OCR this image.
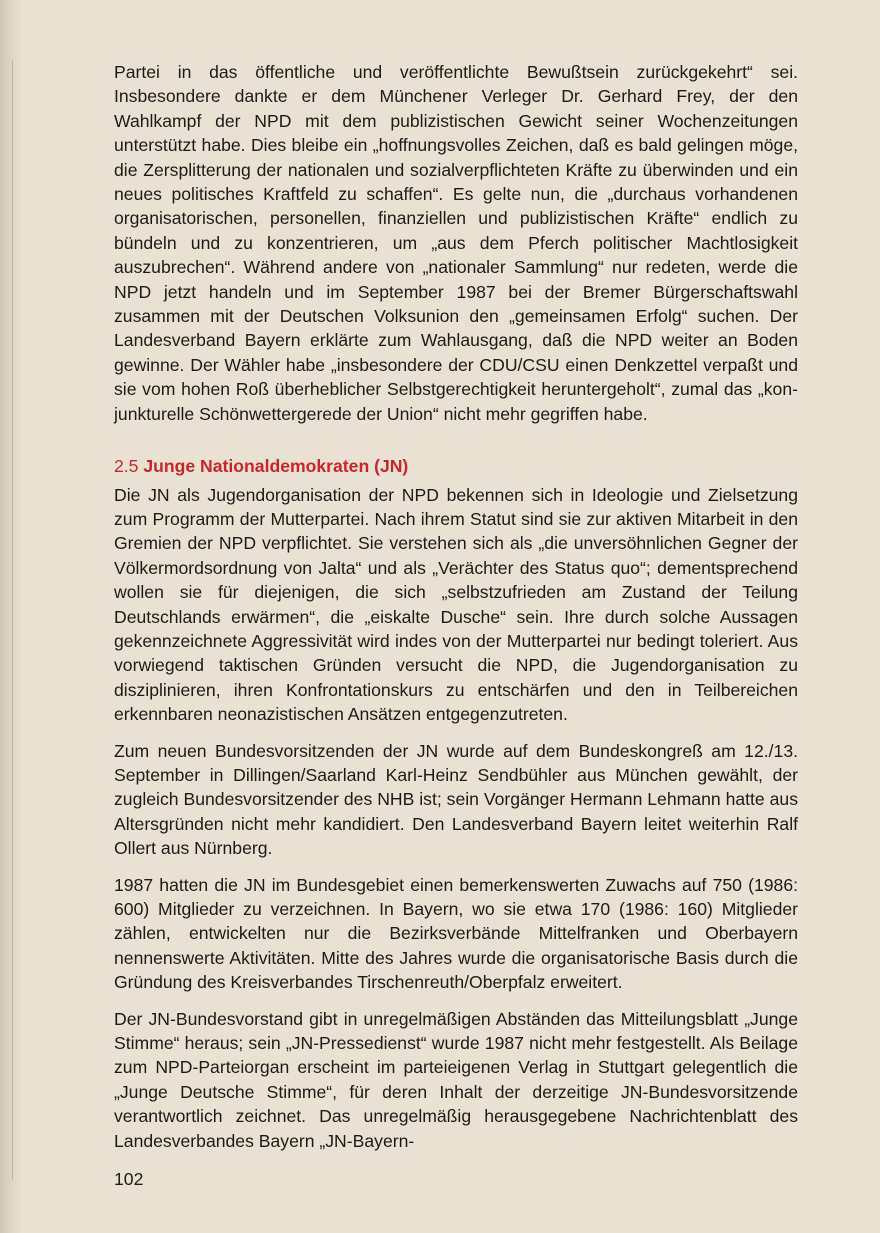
Partei in das öffentliche und veröffentlichte Bewußtsein zurückgekehrt“ sei. Insbesondere dankte er dem Münchener Verleger Dr. Gerhard Frey, der den Wahlkampf der NPD mit dem publizistischen Gewicht seiner Wochenzeitungen unterstützt habe. Dies bleibe ein „hoffnungsvolles Zeichen, daß es bald gelingen möge, die Zersplitterung der nationalen und sozialverpflichteten Kräfte zu überwinden und ein neues politisches Kraftfeld zu schaffen“. Es gelte nun, die „durchaus vorhandenen organisatorischen, personellen, finanziellen und publizistischen Kräfte“ endlich zu bündeln und zu konzentrieren, um „aus dem Pferch politischer Machtlosigkeit auszubrechen“. Während andere von „nationaler Sammlung“ nur redeten, werde die NPD jetzt handeln und im September 1987 bei der Bremer Bürgerschaftswahl zusammen mit der Deutschen Volksunion den „gemeinsamen Erfolg“ suchen. Der Landesverband Bayern erklärte zum Wahlausgang, daß die NPD weiter an Boden gewinne. Der Wähler habe „insbesondere der CDU/CSU einen Denkzettel verpaßt und sie vom hohen Roß überheblicher Selbstgerechtigkeit heruntergeholt“, zumal das „konjunkturelle Schönwettergerede der Union“ nicht mehr gegriffen habe.

2.5 Junge Nationaldemokraten (JN)

Die JN als Jugendorganisation der NPD bekennen sich in Ideologie und Zielsetzung zum Programm der Mutterpartei. Nach ihrem Statut sind sie zur aktiven Mitarbeit in den Gremien der NPD verpflichtet. Sie verstehen sich als „die unversöhnlichen Gegner der Völkermordsordnung von Jalta“ und als „Verächter des Status quo“; dementsprechend wollen sie für diejenigen, die sich „selbstzufrieden am Zustand der Teilung Deutschlands erwärmen“, die „eiskalte Dusche“ sein. Ihre durch solche Aussagen gekennzeichnete Aggressivität wird indes von der Mutterpartei nur bedingt toleriert. Aus vorwiegend taktischen Gründen versucht die NPD, die Jugendorganisation zu disziplinieren, ihren Konfrontationskurs zu entschärfen und den in Teilbereichen erkennbaren neonazistischen Ansätzen entgegenzutreten.

Zum neuen Bundesvorsitzenden der JN wurde auf dem Bundeskongreß am 12./13. September in Dillingen/Saarland Karl-Heinz Sendbühler aus München gewählt, der zugleich Bundesvorsitzender des NHB ist; sein Vorgänger Hermann Lehmann hatte aus Altersgründen nicht mehr kandidiert. Den Landesverband Bayern leitet weiterhin Ralf Ollert aus Nürnberg.

1987 hatten die JN im Bundesgebiet einen bemerkenswerten Zuwachs auf 750 (1986: 600) Mitglieder zu verzeichnen. In Bayern, wo sie etwa 170 (1986: 160) Mitglieder zählen, entwickelten nur die Bezirksverbände Mittelfranken und Oberbayern nennenswerte Aktivitäten. Mitte des Jahres wurde die organisatorische Basis durch die Gründung des Kreisverbandes Tirschenreuth/Oberpfalz erweitert.

Der JN-Bundesvorstand gibt in unregelmäßigen Abständen das Mitteilungsblatt „Junge Stimme“ heraus; sein „JN-Pressedienst“ wurde 1987 nicht mehr festgestellt. Als Beilage zum NPD-Parteiorgan erscheint im parteieigenen Verlag in Stuttgart gelegentlich die „Junge Deutsche Stimme“, für deren Inhalt der derzeitige JN-Bundesvorsitzende verantwortlich zeichnet. Das unregelmäßig herausgegebene Nachrichtenblatt des Landesverbandes Bayern „JN-Bayern-

102
